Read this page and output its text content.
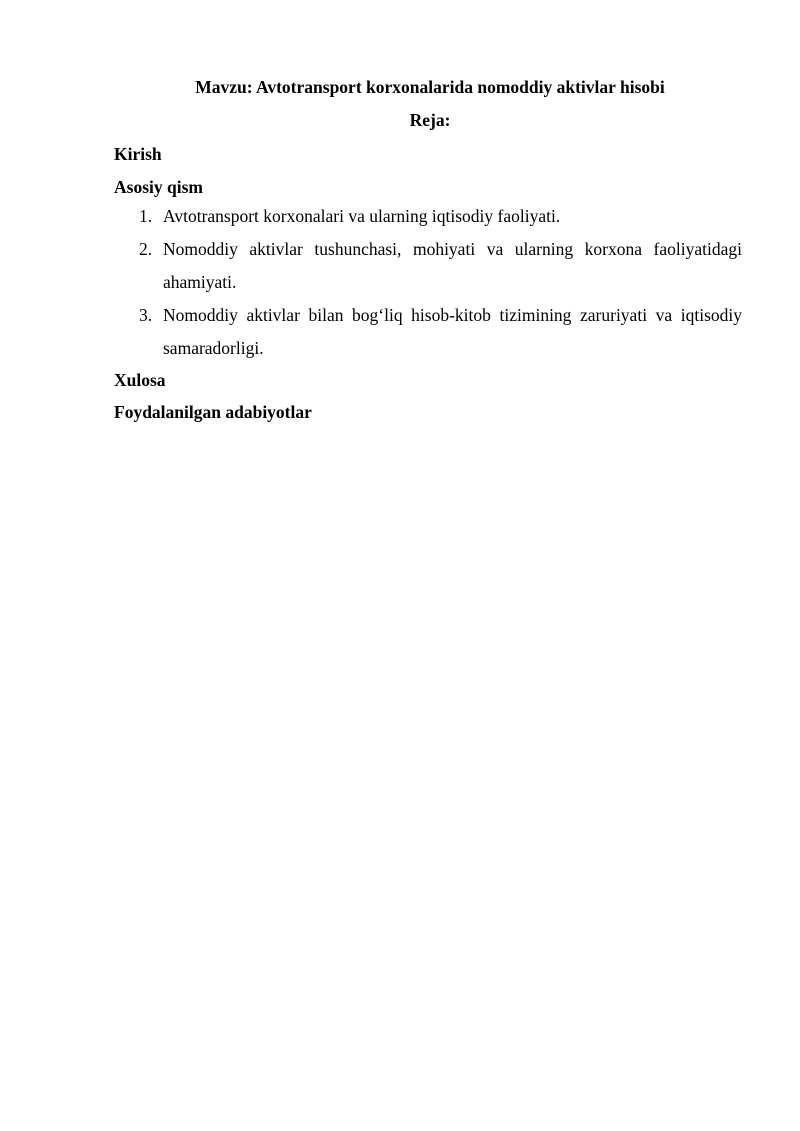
Mavzu: Avtotransport korxonalarida nomoddiy aktivlar hisobi
Reja:
Kirish
Asosiy qism
1. Avtotransport korxonalari va ularning iqtisodiy faoliyati.
2. Nomoddiy aktivlar tushunchasi, mohiyati va ularning korxona faoliyatidagi ahamiyati.
3. Nomoddiy aktivlar bilan bog‘liq hisob-kitob tizimining zaruriyati va iqtisodiy samaradorligi.
Xulosa
Foydalanilgan adabiyotlar
